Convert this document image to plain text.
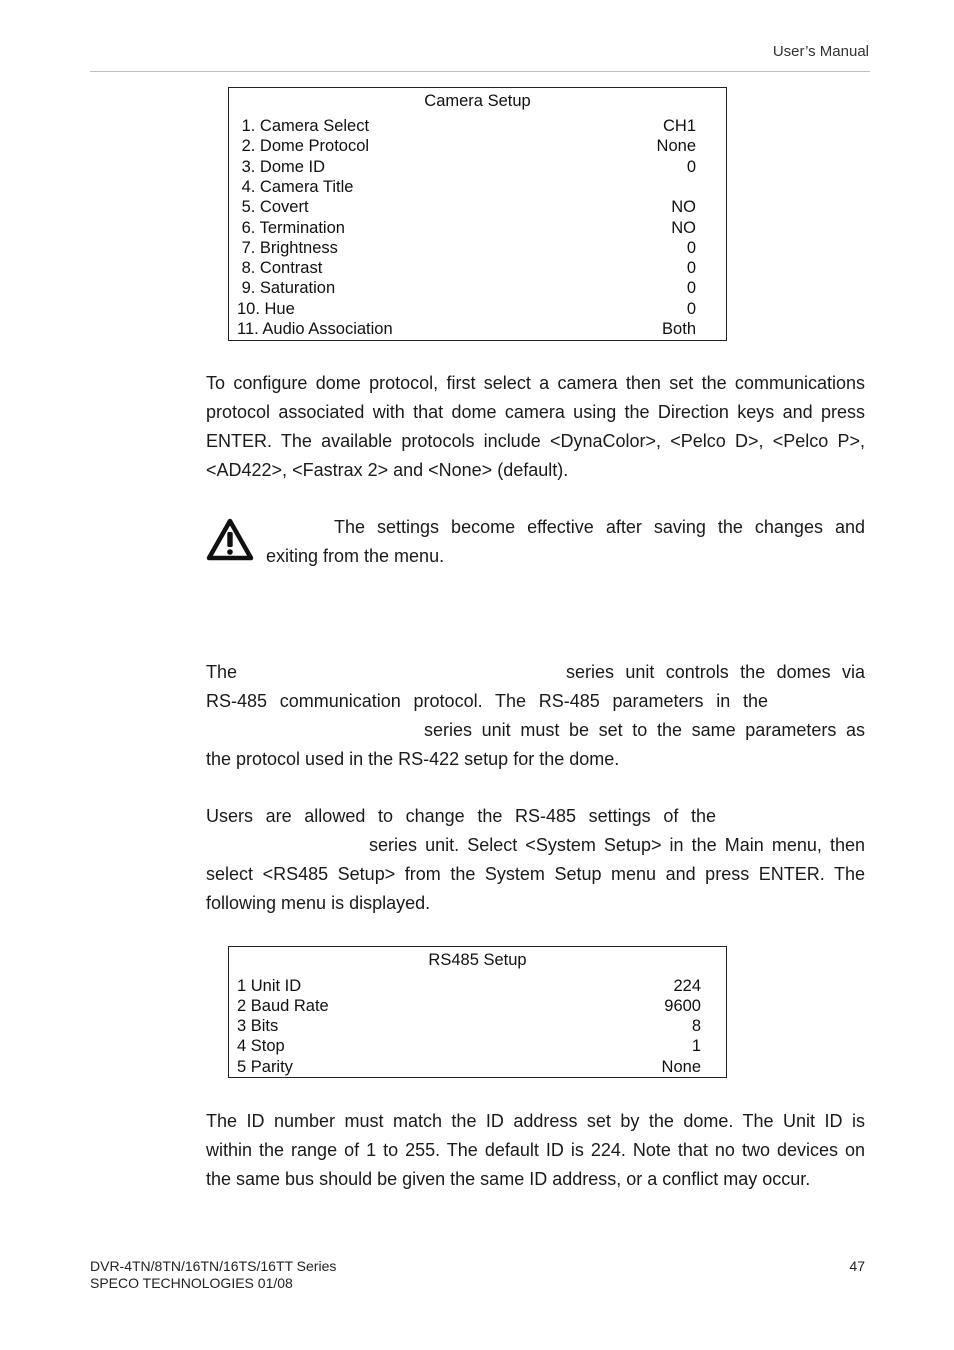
User’s Manual
Camera Setup
1. Camera Select	CH1
2. Dome Protocol	None
3. Dome ID	0
4. Camera Title
5. Covert	NO
6. Termination	NO
7. Brightness	0
8. Contrast	0
9. Saturation	0
10. Hue	0
11. Audio Association	Both
To configure dome protocol, first select a camera then set the communications
protocol associated with that dome camera using the Direction keys and press
ENTER. The available protocols include <DynaColor>, <Pelco D>, <Pelco P>,
<AD422>, <Fastrax 2> and <None> (default).
The settings become effective after saving the changes and
exiting from the menu.
The	series unit controls the domes via
RS-485 communication protocol. The RS-485 parameters in the
series unit must be set to the same parameters as
the protocol used in the RS-422 setup for the dome.
Users are allowed to change the RS-485 settings of the
series unit. Select <System Setup> in the Main menu, then
select <RS485 Setup> from the System Setup menu and press ENTER. The
following menu is displayed.
RS485 Setup
1 Unit ID	224
2 Baud Rate	9600
3 Bits	8
4 Stop	1
5 Parity	None
The ID number must match the ID address set by the dome. The Unit ID is
within the range of 1 to 255. The default ID is 224. Note that no two devices on
the same bus should be given the same ID address, or a conflict may occur.
DVR-4TN/8TN/16TN/16TS/16TT Series
SPECO TECHNOLOGIES 01/08
47
